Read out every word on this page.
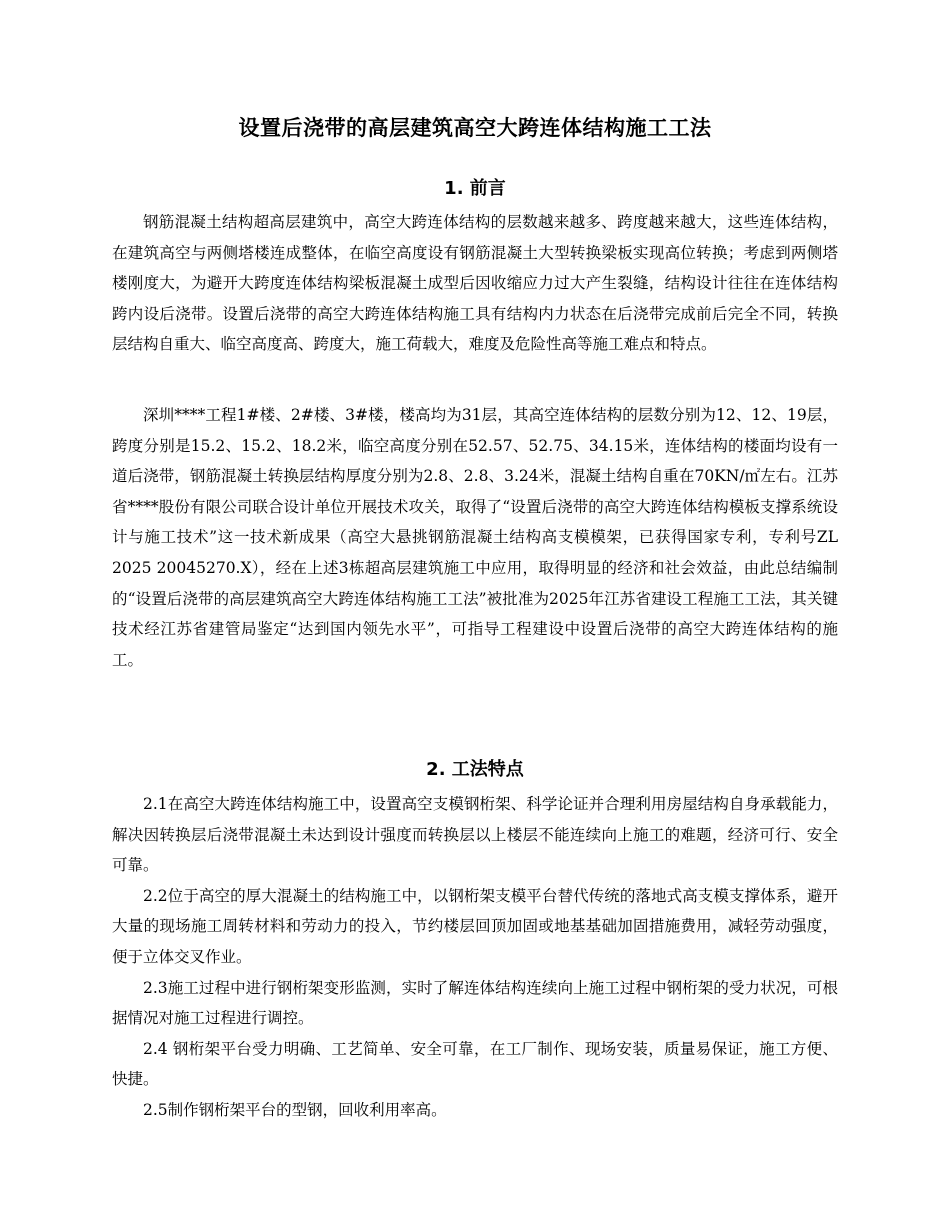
设置后浇带的高层建筑高空大跨连体结构施工工法
1. 前言

钢筋混凝土结构超高层建筑中，高空大跨连体结构的层数越来越多、跨度越来越大，这些连体结构，在建筑高空与两侧塔楼连成整体，在临空高度设有钢筋混凝土大型转换梁板实现高位转换；考虑到两侧塔楼刚度大，为避开大跨度连体结构梁板混凝土成型后因收缩应力过大产生裂缝，结构设计往往在连体结构跨内设后浇带。设置后浇带的高空大跨连体结构施工具有结构内力状态在后浇带完成前后完全不同，转换层结构自重大、临空高度高、跨度大，施工荷载大，难度及危险性高等施工难点和特点。

深圳****工程1#楼、2#楼、3#楼，楼高均为31层，其高空连体结构的层数分别为12、12、19层，跨度分别是15.2、15.2、18.2米，临空高度分别在52.57、52.75、34.15米，连体结构的楼面均设有一道后浇带，钢筋混凝土转换层结构厚度分别为2.8、2.8、3.24米，混凝土结构自重在70KN/㎡左右。江苏省****股份有限公司联合设计单位开展技术攻关，取得了“设置后浇带的高空大跨连体结构模板支撑系统设计与施工技术”这一技术新成果（高空大悬挑钢筋混凝土结构高支模模架，已获得国家专利，专利号ZL 2025 20045270.X），经在上述3栋超高层建筑施工中应用，取得明显的经济和社会效益，由此总结编制的“设置后浇带的高层建筑高空大跨连体结构施工工法”被批准为2025年江苏省建设工程施工工法，其关键技术经江苏省建管局鉴定“达到国内领先水平”，可指导工程建设中设置后浇带的高空大跨连体结构的施工。

2. 工法特点

2.1在高空大跨连体结构施工中，设置高空支模钢桁架、科学论证并合理利用房屋结构自身承载能力，解决因转换层后浇带混凝土未达到设计强度而转换层以上楼层不能连续向上施工的难题，经济可行、安全可靠。

2.2位于高空的厚大混凝土的结构施工中，以钢桁架支模平台替代传统的落地式高支模支撑体系，避开大量的现场施工周转材料和劳动力的投入，节约楼层回顶加固或地基基础加固措施费用，减轻劳动强度，便于立体交叉作业。

2.3施工过程中进行钢桁架变形监测，实时了解连体结构连续向上施工过程中钢桁架的受力状况，可根据情况对施工过程进行调控。

2.4 钢桁架平台受力明确、工艺简单、安全可靠，在工厂制作、现场安装，质量易保证，施工方便、快捷。

2.5制作钢桁架平台的型钢，回收利用率高。
